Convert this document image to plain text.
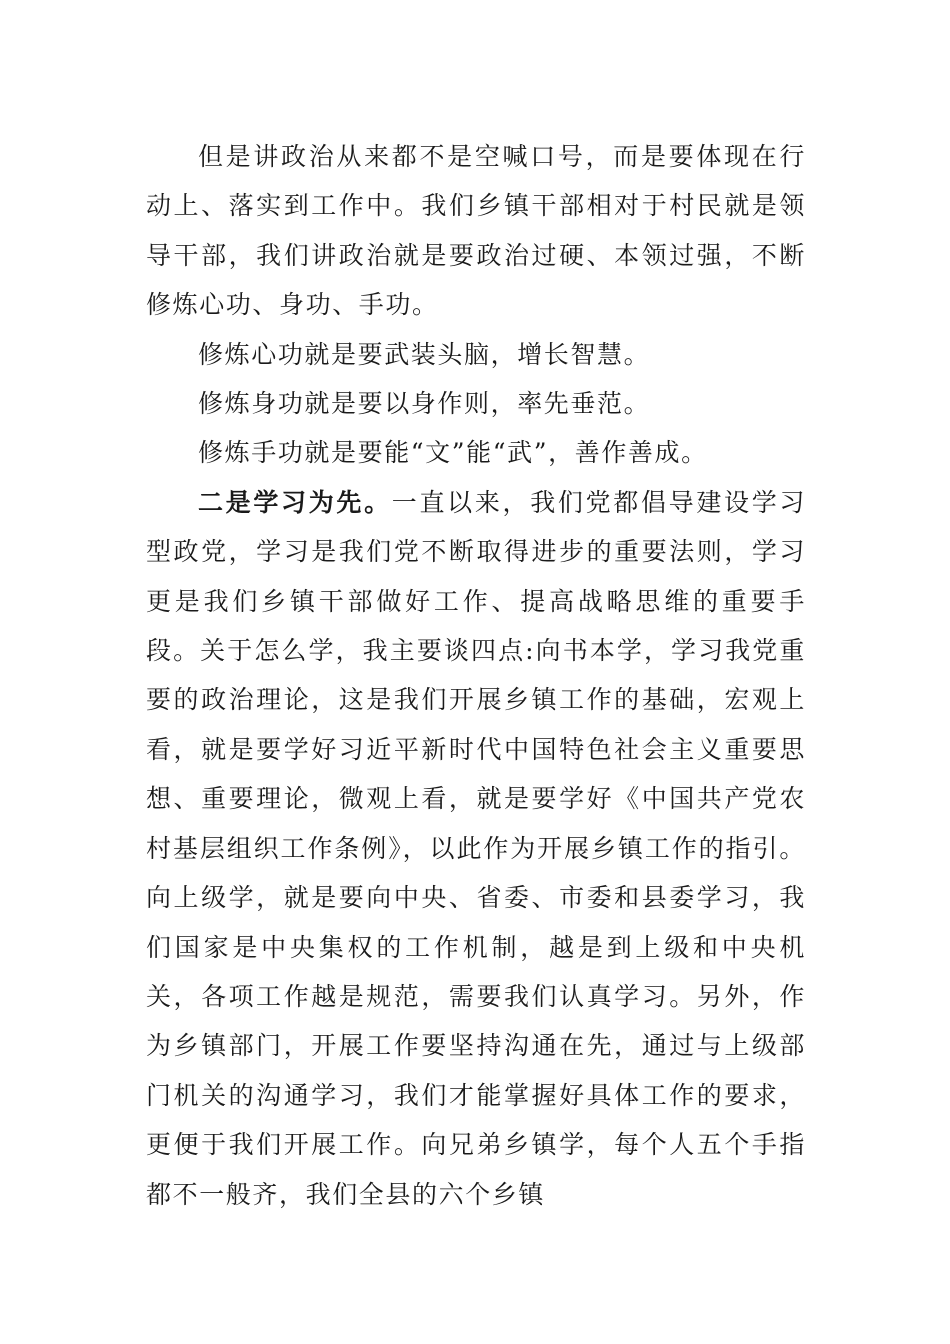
但是讲政治从来都不是空喊口号，而是要体现在行动上、落实到工作中。我们乡镇干部相对于村民就是领导干部，我们讲政治就是要政治过硬、本领过强，不断修炼心功、身功、手功。

修炼心功就是要武装头脑，增长智慧。

修炼身功就是要以身作则，率先垂范。

修炼手功就是要能“文”能“武”，善作善成。

二是学习为先。一直以来，我们党都倡导建设学习型政党，学习是我们党不断取得进步的重要法则，学习更是我们乡镇干部做好工作、提高战略思维的重要手段。关于怎么学，我主要谈四点:向书本学，学习我党重要的政治理论，这是我们开展乡镇工作的基础，宏观上看，就是要学好习近平新时代中国特色社会主义重要思想、重要理论，微观上看，就是要学好《中国共产党农村基层组织工作条例》，以此作为开展乡镇工作的指引。向上级学，就是要向中央、省委、市委和县委学习，我们国家是中央集权的工作机制，越是到上级和中央机关，各项工作越是规范，需要我们认真学习。另外，作为乡镇部门，开展工作要坚持沟通在先，通过与上级部门机关的沟通学习，我们才能掌握好具体工作的要求，更便于我们开展工作。向兄弟乡镇学，每个人五个手指都不一般齐，我们全县的六个乡镇
